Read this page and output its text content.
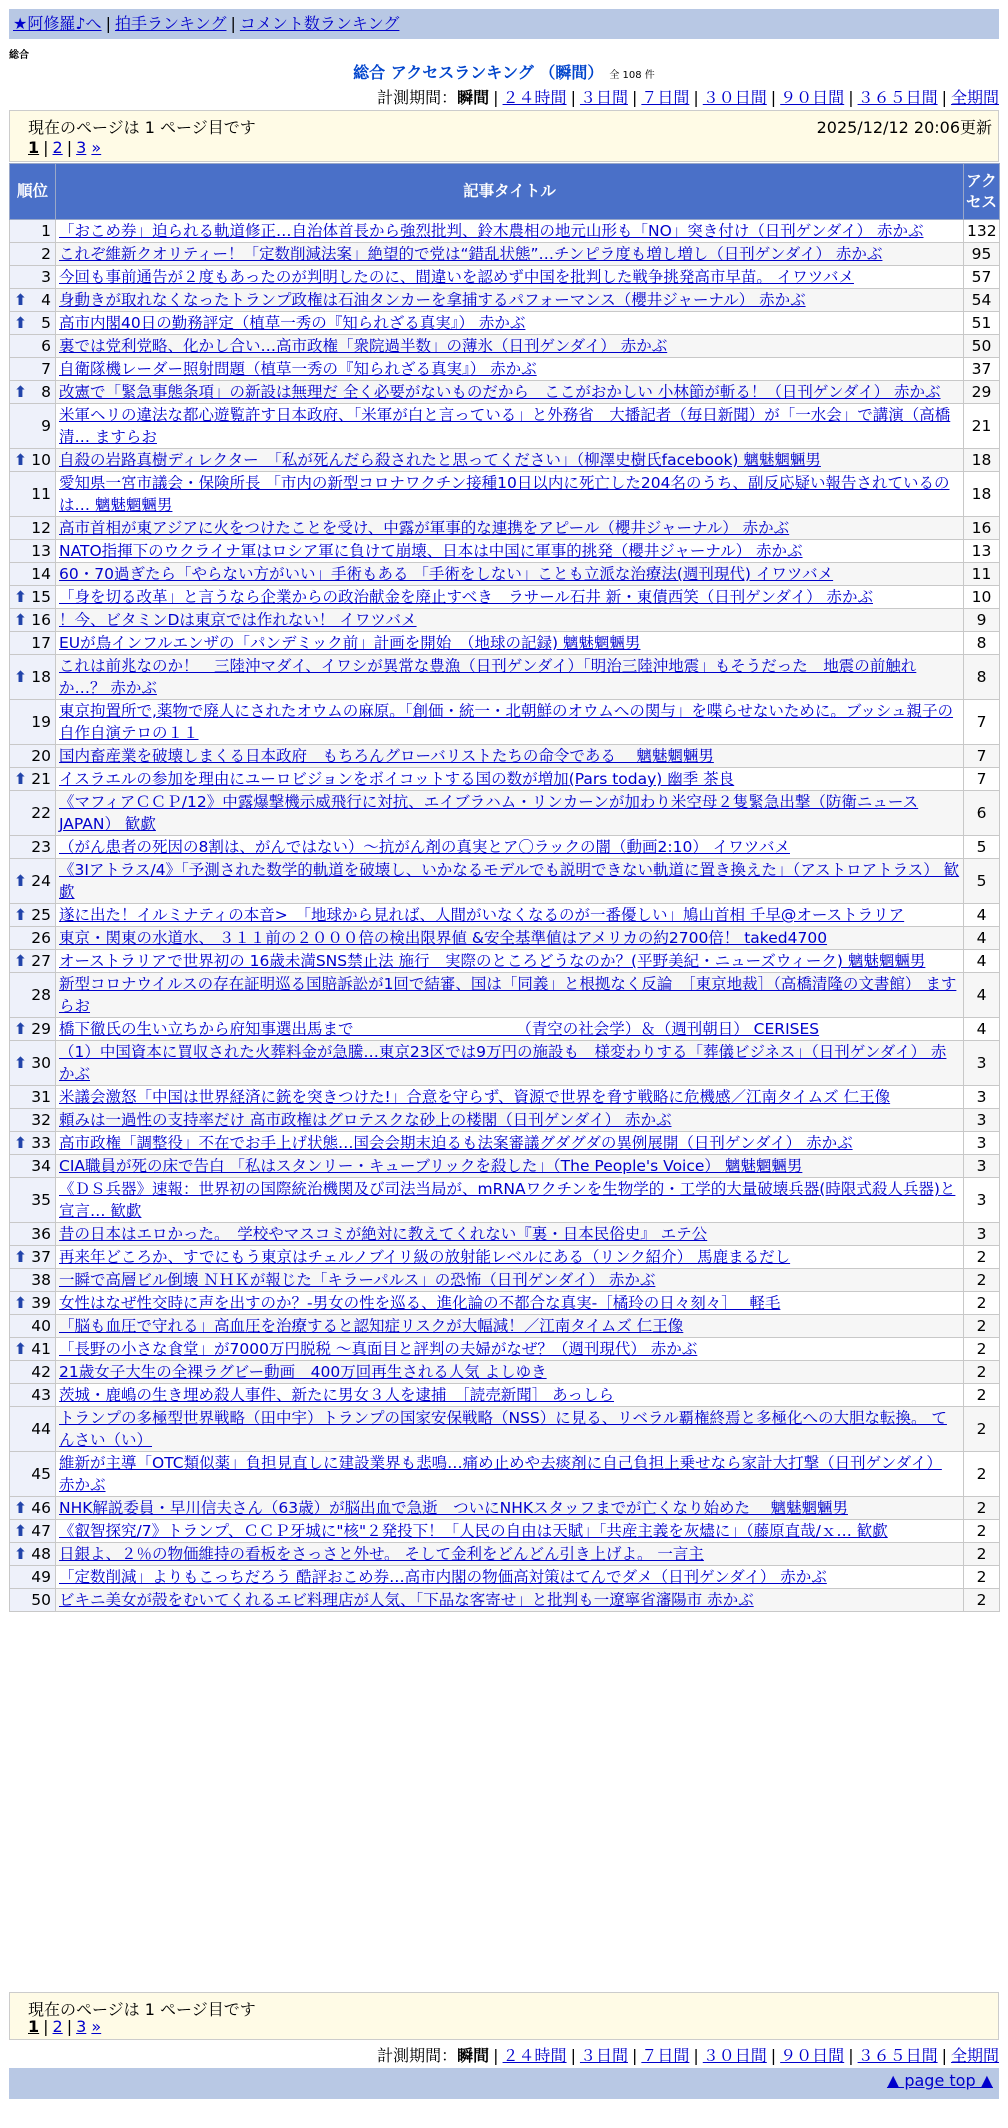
★阿修羅♪へ | 拍手ランキング | コメント数ランキング
総合
総合 アクセスランキング （瞬間） 全 108 件
計測期間：瞬間 | ２４時間 | ３日間 | ７日間 | ３０日間 | ９０日間 | ３６５日間 | 全期間
現在のページは 1 ページ目です	2025/12/12 20:06更新
1 | 2 | 3 »
順位	記事タイトル	アクセス
1	「おこめ券」迫られる軌道修正…自治体首長から強烈批判、鈴木農相の地元山形も「NO」突き付け（日刊ゲンダイ） 赤かぶ	132
2	これぞ維新クオリティー！「定数削減法案」絶望的で党は“錯乱状態”…チンピラ度も増し増し（日刊ゲンダイ） 赤かぶ	95
3	今回も事前通告が２度もあったのが判明したのに、間違いを認めず中国を批判した戦争挑発高市早苗。 イワツバメ	57

⬆ 4	身動きが取れなくなったトランプ政権は石油タンカーを拿捕するパフォーマンス（櫻井ジャーナル） 赤かぶ	54

⬆ 5	高市内閣40日の勤務評定（植草一秀の『知られざる真実』） 赤かぶ	51
6	裏では党利党略、化かし合い…高市政権「衆院過半数」の薄氷（日刊ゲンダイ） 赤かぶ	50
7	自衛隊機レーダー照射問題（植草一秀の『知られざる真実』） 赤かぶ	37

⬆ 8	改憲で「緊急事態条項」の新設は無理だ 全く必要がないものだから　ここがおかしい 小林節が斬る！（日刊ゲンダイ） 赤かぶ	29
9	米軍ヘリの違法な都心遊覧許す日本政府、「米軍が白と言っている」と外務省　大播記者（毎日新聞）が「一水会」で講演（高橋清… ますらお	21

⬆ 10	自殺の岩路真樹ディレクター　「私が死んだら殺されたと思ってください」（柳澤史樹氏facebook) 魑魅魍魎男	18
11	愛知県一宮市議会・保険所長 「市内の新型コロナワクチン接種10日以内に死亡した204名のうち、副反応疑い報告されているのは… 魑魅魍魎男	18
12	高市首相が東アジアに火をつけたことを受け、中露が軍事的な連携をアピール（櫻井ジャーナル） 赤かぶ	16
13	NATO指揮下のウクライナ軍はロシア軍に負けて崩壊、日本は中国に軍事的挑発（櫻井ジャーナル） 赤かぶ	13
14	60・70過ぎたら「やらない方がいい」手術もある 「手術をしない」ことも立派な治療法(週刊現代) イワツバメ	11

⬆ 15	「身を切る改革」と言うなら企業からの政治献金を廃止すべき　ラサール石井 新・東債西笑（日刊ゲンダイ） 赤かぶ	10

⬆ 16	！今、ビタミンDは東京では作れない！ イワツバメ	9
17	EUが鳥インフルエンザの「パンデミック前」計画を開始　（地球の記録) 魑魅魍魎男	8

⬆ 18	これは前兆なのか！　三陸沖マダイ、イワシが異常な豊漁（日刊ゲンダイ）「明治三陸沖地震」もそうだった　地震の前触れか…？ 赤かぶ	8
19	東京拘置所で,薬物で廃人にされたオウムの麻原。「創価・統一・北朝鮮のオウムへの関与」を喋らせないために。ブッシュ親子の自作自演テロの１１	7
20	国内畜産業を破壊しまくる日本政府　もちろんグローバリストたちの命令である　 魑魅魍魎男	7

⬆ 21	イスラエルの参加を理由にユーロビジョンをボイコットする国の数が増加(Pars today) 幽季 茶良	7
22	《マフィアＣＣＰ/12》中露爆撃機示威飛行に対抗、エイブラハム・リンカーンが加わり米空母２隻緊急出撃（防衛ニュースJAPAN） 歓歔	6
23	（がん患者の死因の8割は、がんではない）〜抗がん剤の真実とア〇ラックの闇（動画2:10） イワツバメ	5

⬆ 24	《3Iアトラス/4》「予測された数学的軌道を破壊し、いかなるモデルでも説明できない軌道に置き換えた」（アストロアトラス） 歓歔	5

⬆ 25	遂に出た！イルミナティの本音>　「地球から見れば、人間がいなくなるのが一番優しい」鳩山首相 千早@オーストラリア	4
26	東京・関東の水道水、 ３１１前の２０００倍の検出限界値 &安全基準値はアメリカの約2700倍！ taked4700	4

⬆ 27	オーストラリアで世界初の 16歳未満SNS禁止法 施行　実際のところどうなのか？(平野美紀・ニューズウィーク) 魑魅魍魎男	4
28	新型コロナウイルスの存在証明巡る国賠訴訟が1回で結審、国は「同義」と根拠なく反論　［東京地裁］（高橋清隆の文書館） ますらお	4

⬆ 29	橋下徹氏の生い立ちから府知事選出馬まで　　　　　　　　　　　（青空の社会学）＆（週刊朝日） CERISES	4

⬆ 30	（1）中国資本に買収された火葬料金が急騰…東京23区では9万円の施設も　様変わりする「葬儀ビジネス」（日刊ゲンダイ） 赤かぶ	3
31	米議会激怒「中国は世界経済に銃を突きつけた!」合意を守らず、資源で世界を脅す戦略に危機感／江南タイムズ 仁王像	3
32	頼みは一過性の支持率だけ 高市政権はグロテスクな砂上の楼閣（日刊ゲンダイ） 赤かぶ	3

⬆ 33	高市政権「調整役」不在でお手上げ状態…国会会期末迫るも法案審議グダグダの異例展開（日刊ゲンダイ） 赤かぶ	3
34	CIA職員が死の床で告白 「私はスタンリー・キューブリックを殺した」（The People's Voice） 魑魅魍魎男	3
35	《ＤＳ兵器》速報：世界初の国際統治機関及び司法当局が、mRNAワクチンを生物学的・工学的大量破壊兵器(時限式殺人兵器)と宣言… 歓歔	3
36	昔の日本はエロかった。　学校やマスコミが絶対に教えてくれない『裏・日本民俗史』 エテ公	3

⬆ 37	再来年どころか、すでにもう東京はチェルノブイリ級の放射能レベルにある（リンク紹介） 馬鹿まるだし	2
38	一瞬で高層ビル倒壊 ＮＨＫが報じた「キラーパルス」の恐怖（日刊ゲンダイ） 赤かぶ	2

⬆ 39	女性はなぜ性交時に声を出すのか？-男女の性を巡る、進化論の不都合な真実-［橘玲の日々刻々］　 軽毛	2
40	「脳も血圧で守れる」高血圧を治療すると認知症リスクが大幅減！／江南タイムズ 仁王像	2

⬆ 41	「長野の小さな食堂」が7000万円脱税 〜真面目と評判の夫婦がなぜ？（週刊現代） 赤かぶ	2
42	21歳女子大生の全裸ラグビー動画　400万回再生される人気 よしゆき	2
43	茨城・鹿嶋の生き埋め殺人事件、新たに男女３人を逮捕　［読売新聞］ あっしら	2
44	トランプの多極型世界戦略（田中宇）トランプの国家安保戦略（NSS）に見る、リベラル覇権終焉と多極化への大胆な転換。 てんさい（い）	2
45	維新が主導「OTC類似薬」負担見直しに建設業界も悲鳴…痛め止めや去痰剤に自己負担上乗せなら家計大打撃（日刊ゲンダイ） 赤かぶ	2

⬆ 46	NHK解説委員・早川信夫さん（63歳）が脳出血で急逝　ついにNHKスタッフまでが亡くなり始めた　 魑魅魍魎男	2

⬆ 47	《叡智探究/7》トランプ、ＣＣＰ牙城に"核"２発投下！「人民の自由は天賦」「共産主義を灰燼に」（藤原直哉/ｘ… 歓歔	2

⬆ 48	日銀よ、２％の物価維持の看板をさっさと外せ。 そして金利をどんどん引き上げよ。 一言主	2
49	「定数削減」よりもこっちだろう 酷評おこめ券…高市内閣の物価高対策はてんでダメ（日刊ゲンダイ） 赤かぶ	2
50	ビキニ美女が殻をむいてくれるエビ料理店が人気、「下品な客寄せ」と批判も一遼寧省瀋陽市 赤かぶ	2
現在のページは 1 ページ目です
1 | 2 | 3 »
計測期間：瞬間 | ２４時間 | ３日間 | ７日間 | ３０日間 | ９０日間 | ３６５日間 | 全期間
▲ page top ▲
